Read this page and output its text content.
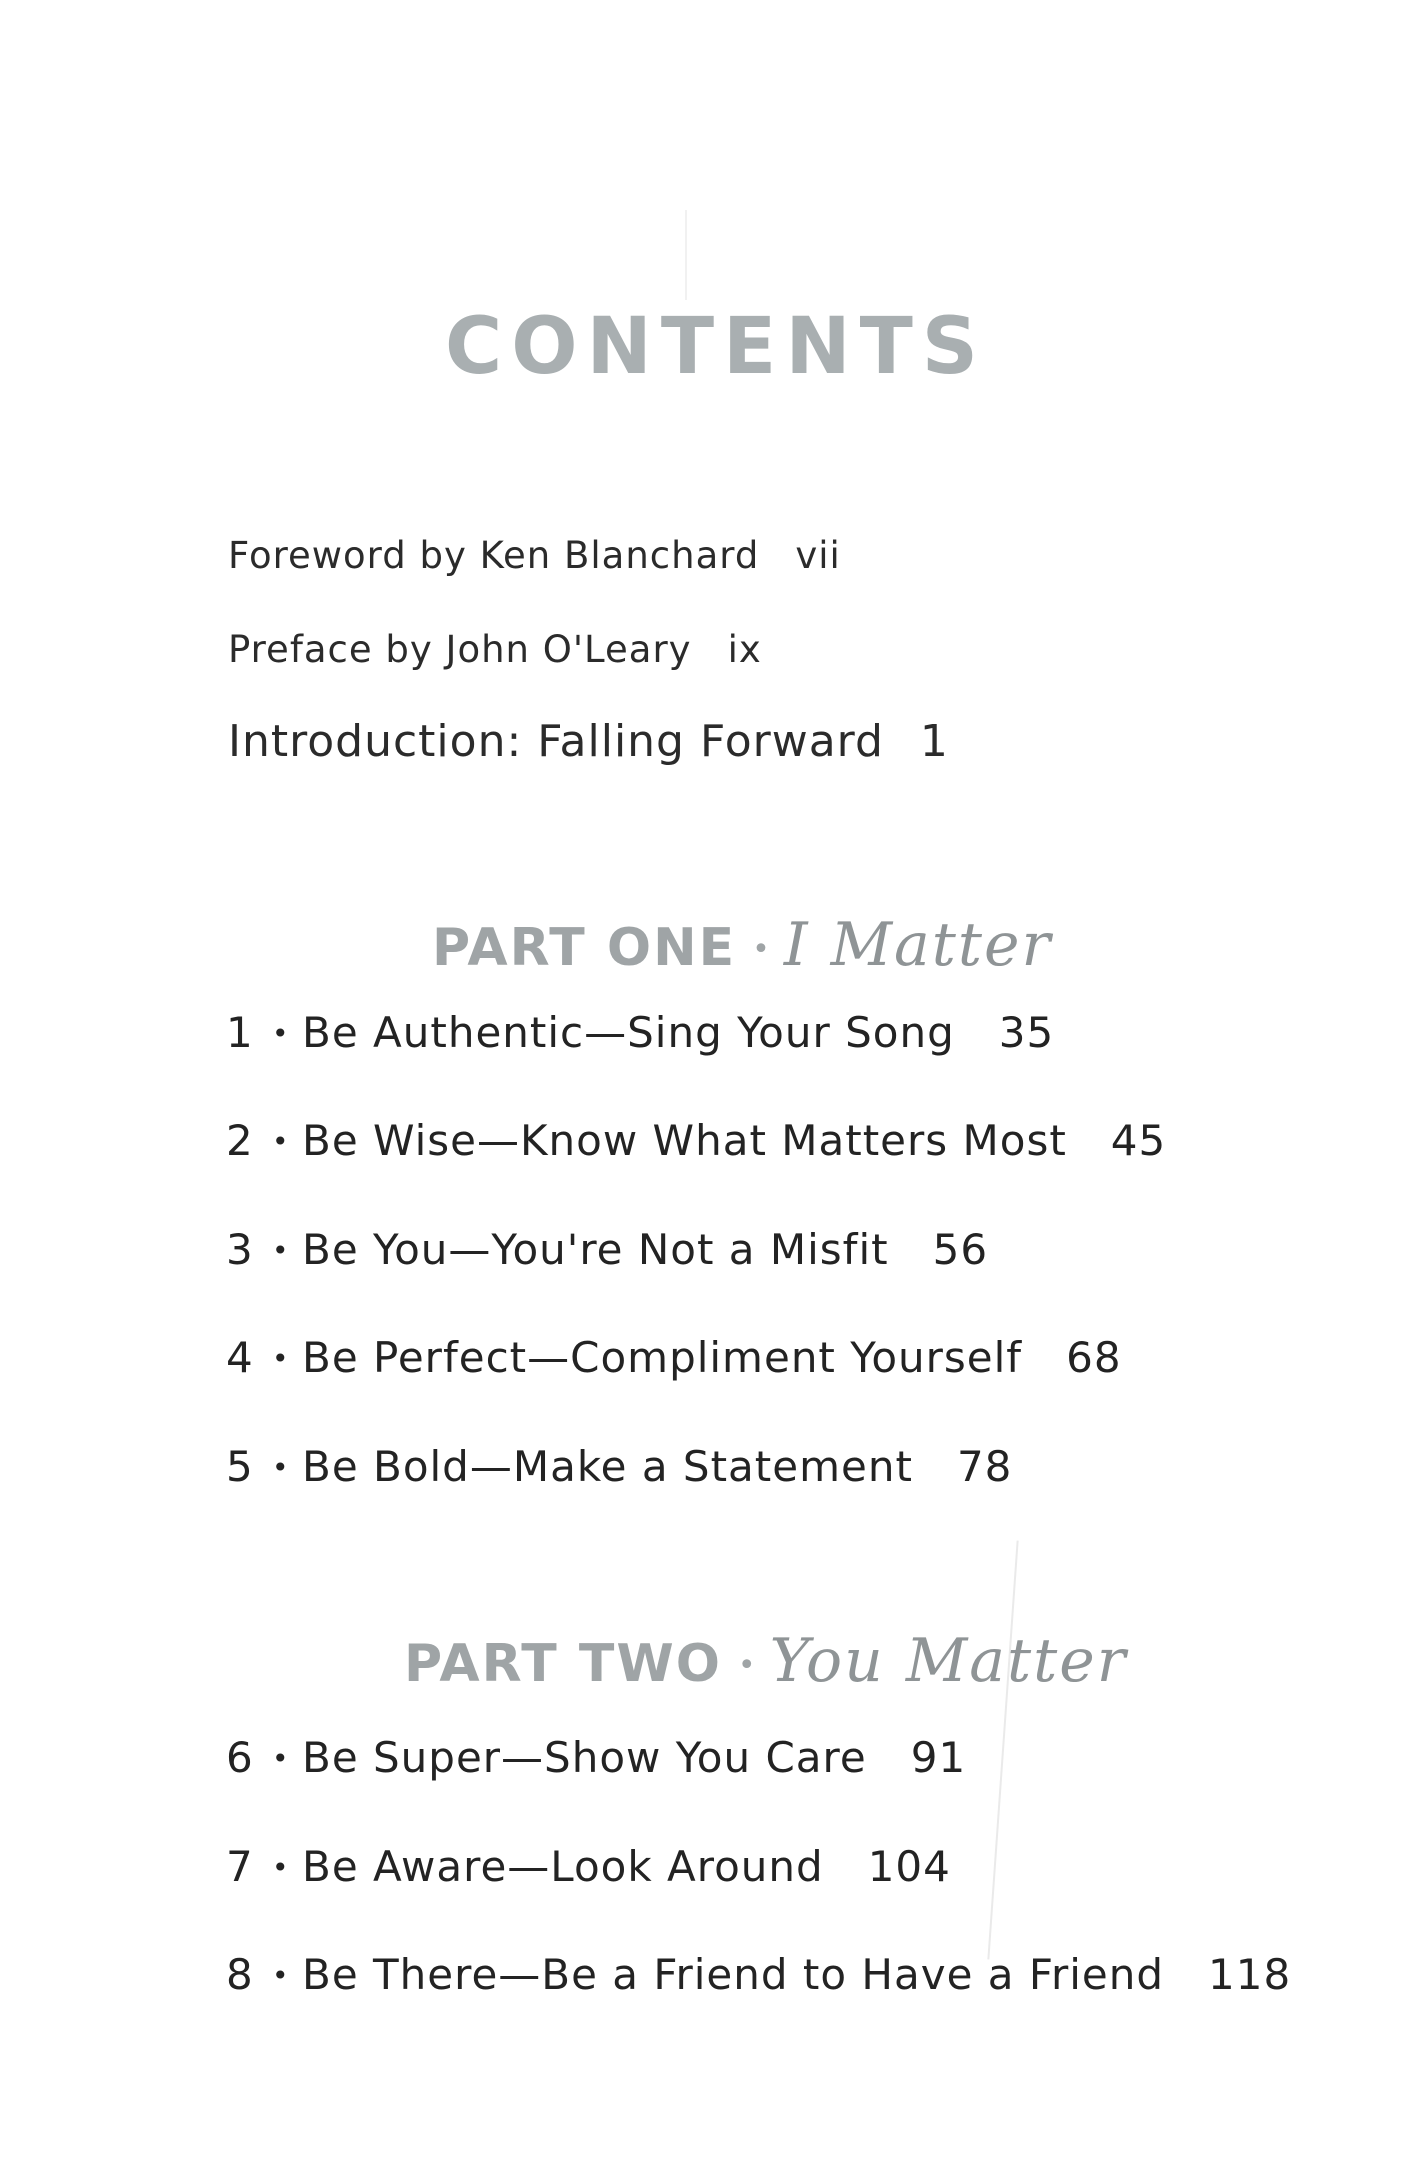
CONTENTS
Foreword by Ken Blanchard vii
Preface by John O'Leary ix
Introduction: Falling Forward 1
PART ONE • I Matter
1 • Be Authentic—Sing Your Song 35
2 • Be Wise—Know What Matters Most 45
3 • Be You—You're Not a Misfit 56
4 • Be Perfect—Compliment Yourself 68
5 • Be Bold—Make a Statement 78
PART TWO • You Matter
6 • Be Super—Show You Care 91
7 • Be Aware—Look Around 104
8 • Be There—Be a Friend to Have a Friend 118
